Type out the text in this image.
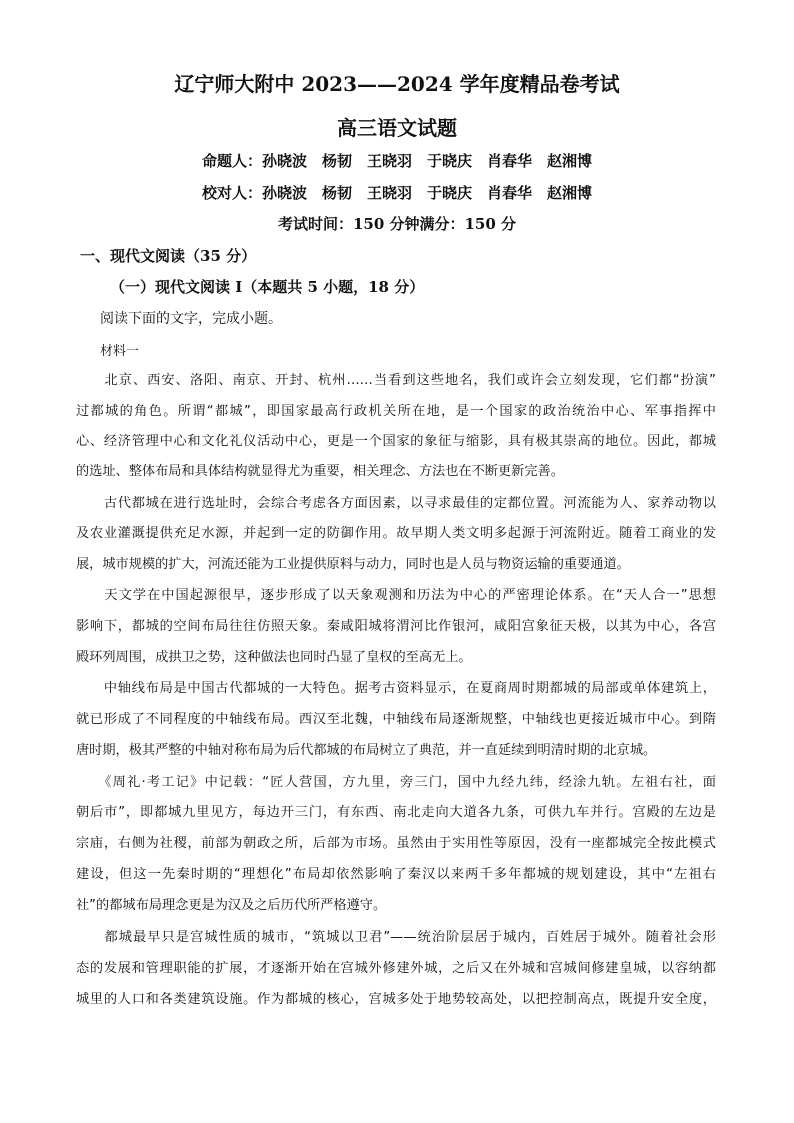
辽宁师大附中 2023——2024 学年度精品卷考试
高三语文试题
命题人：孙晓波　杨韧　王晓羽　于晓庆　肖春华　赵湘博
校对人：孙晓波　杨韧　王晓羽　于晓庆　肖春华　赵湘博
考试时间：150 分钟满分：150 分
一、现代文阅读（35 分）
（一）现代文阅读 I（本题共 5 小题，18 分）
阅读下面的文字，完成小题。
材料一
　　北京、西安、洛阳、南京、开封、杭州……当看到这些地名，我们或许会立刻发现，它们都“扮演”
过都城的角色。所谓“都城”，即国家最高行政机关所在地，是一个国家的政治统治中心、军事指挥中
心、经济管理中心和文化礼仪活动中心，更是一个国家的象征与缩影，具有极其崇高的地位。因此，都城
的选址、整体布局和具体结构就显得尤为重要，相关理念、方法也在不断更新完善。
　　古代都城在进行选址时，会综合考虑各方面因素，以寻求最佳的定都位置。河流能为人、家养动物以
及农业灌溉提供充足水源，并起到一定的防御作用。故早期人类文明多起源于河流附近。随着工商业的发
展，城市规模的扩大，河流还能为工业提供原料与动力，同时也是人员与物资运输的重要通道。
　　天文学在中国起源很早，逐步形成了以天象观测和历法为中心的严密理论体系。在“天人合一”思想
影响下，都城的空间布局往往仿照天象。秦咸阳城将渭河比作银河，咸阳宫象征天极，以其为中心，各宫
殿环列周围，成拱卫之势，这种做法也同时凸显了皇权的至高无上。
　　中轴线布局是中国古代都城的一大特色。据考古资料显示，在夏商周时期都城的局部或单体建筑上，
就已形成了不同程度的中轴线布局。西汉至北魏，中轴线布局逐渐规整，中轴线也更接近城市中心。到隋
唐时期，极其严整的中轴对称布局为后代都城的布局树立了典范，并一直延续到明清时期的北京城。
　　《周礼·考工记》中记载：“匠人营国，方九里，旁三门，国中九经九纬，经涂九轨。左祖右社，面
朝后市”，即都城九里见方，每边开三门，有东西、南北走向大道各九条，可供九车并行。宫殿的左边是
宗庙，右侧为社稷，前部为朝政之所，后部为市场。虽然由于实用性等原因，没有一座都城完全按此模式
建设，但这一先秦时期的“理想化”布局却依然影响了秦汉以来两千多年都城的规划建设，其中“左祖右
社”的都城布局理念更是为汉及之后历代所严格遵守。
　　都城最早只是宫城性质的城市，“筑城以卫君”——统治阶层居于城内，百姓居于城外。随着社会形
态的发展和管理职能的扩展，才逐渐开始在宫城外修建外城，之后又在外城和宫城间修建皇城，以容纳都
城里的人口和各类建筑设施。作为都城的核心，宫城多处于地势较高处，以把控制高点，既提升安全度，
